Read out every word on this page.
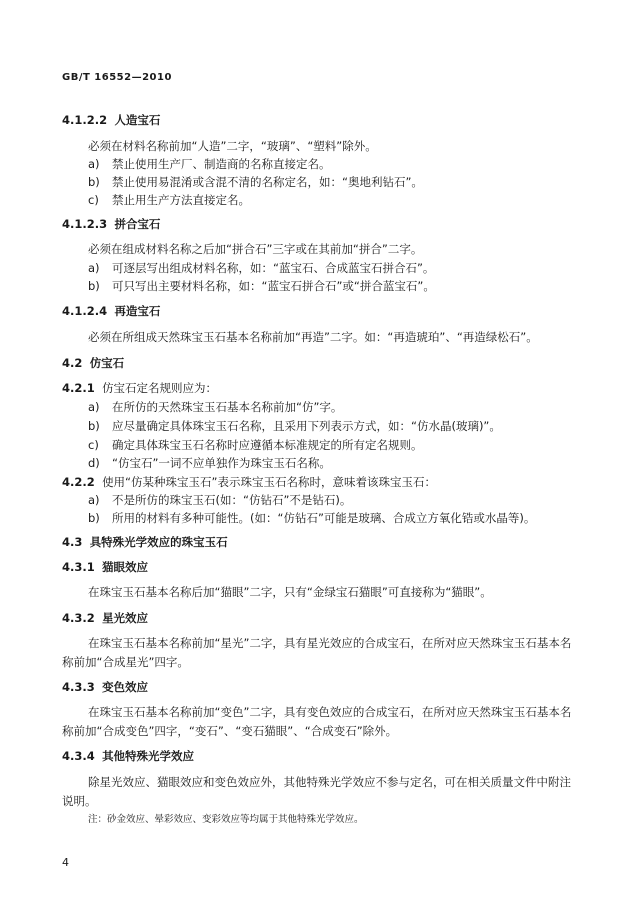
GB/T 16552—2010
4.1.2.2 人造宝石
必须在材料名称前加“人造”二字，“玻璃”、“塑料”除外。
a) 禁止使用生产厂、制造商的名称直接定名。
b) 禁止使用易混淆或含混不清的名称定名，如：“奥地利钻石”。
c) 禁止用生产方法直接定名。
4.1.2.3 拼合宝石
必须在组成材料名称之后加“拼合石”三字或在其前加“拼合”二字。
a) 可逐层写出组成材料名称，如：“蓝宝石、合成蓝宝石拼合石”。
b) 可只写出主要材料名称，如：“蓝宝石拼合石”或“拼合蓝宝石”。
4.1.2.4 再造宝石
必须在所组成天然珠宝玉石基本名称前加“再造”二字。如：“再造琥珀”、“再造绿松石”。
4.2 仿宝石
4.2.1 仿宝石定名规则应为：
a) 在所仿的天然珠宝玉石基本名称前加“仿”字。
b) 应尽量确定具体珠宝玉石名称，且采用下列表示方式，如：“仿水晶(玻璃)”。
c) 确定具体珠宝玉石名称时应遵循本标准规定的所有定名规则。
d) “仿宝石”一词不应单独作为珠宝玉石名称。
4.2.2 使用“仿某种珠宝玉石”表示珠宝玉石名称时，意味着该珠宝玉石：
a) 不是所仿的珠宝玉石(如：“仿钻石”不是钻石)。
b) 所用的材料有多种可能性。(如：“仿钻石”可能是玻璃、合成立方氧化锆或水晶等)。
4.3 具特殊光学效应的珠宝玉石
4.3.1 猫眼效应
在珠宝玉石基本名称后加“猫眼”二字，只有“金绿宝石猫眼”可直接称为“猫眼”。
4.3.2 星光效应
在珠宝玉石基本名称前加“星光”二字，具有星光效应的合成宝石，在所对应天然珠宝玉石基本名
称前加“合成星光”四字。
4.3.3 变色效应
在珠宝玉石基本名称前加“变色”二字，具有变色效应的合成宝石，在所对应天然珠宝玉石基本名
称前加“合成变色”四字，“变石”、“变石猫眼”、“合成变石”除外。
4.3.4 其他特殊光学效应
除星光效应、猫眼效应和变色效应外，其他特殊光学效应不参与定名，可在相关质量文件中附注
说明。
注：砂金效应、晕彩效应、变彩效应等均属于其他特殊光学效应。
4
